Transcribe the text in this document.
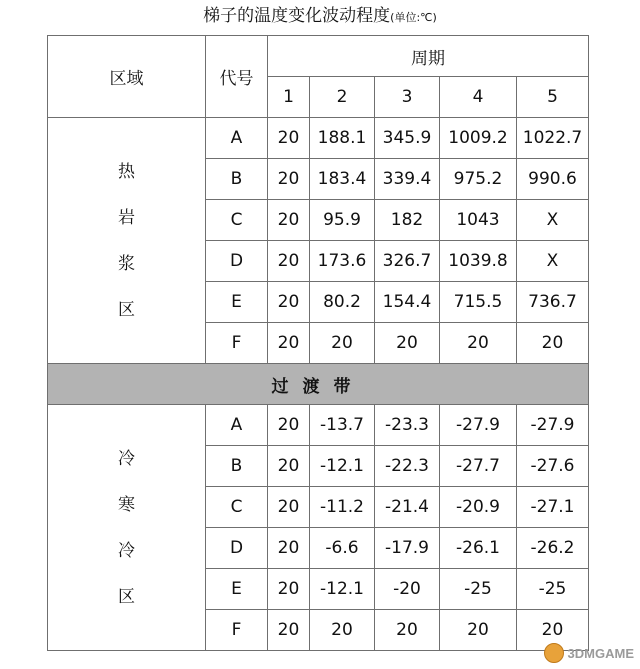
梯子的温度变化波动程度(单位:℃)
区域	代号	周期				
		1	2	3	4	5

热
岩
浆
区	A	20	188.1	345.9	1009.2	1022.7
	B	20	183.4	339.4	975.2	990.6
	C	20	95.9	182	1043	X
	D	20	173.6	326.7	1039.8	X
	E	20	80.2	154.4	715.5	736.7
	F	20	20	20	20	20
过渡带						

冷
寒
冷
区	A	20	-13.7	-23.3	-27.9	-27.9
	B	20	-12.1	-22.3	-27.7	-27.6
	C	20	-11.2	-21.4	-20.9	-27.1
	D	20	-6.6	-17.9	-26.1	-26.2
	E	20	-12.1	-20	-25	-25
	F	20	20	20	20	20
3DMGAME
